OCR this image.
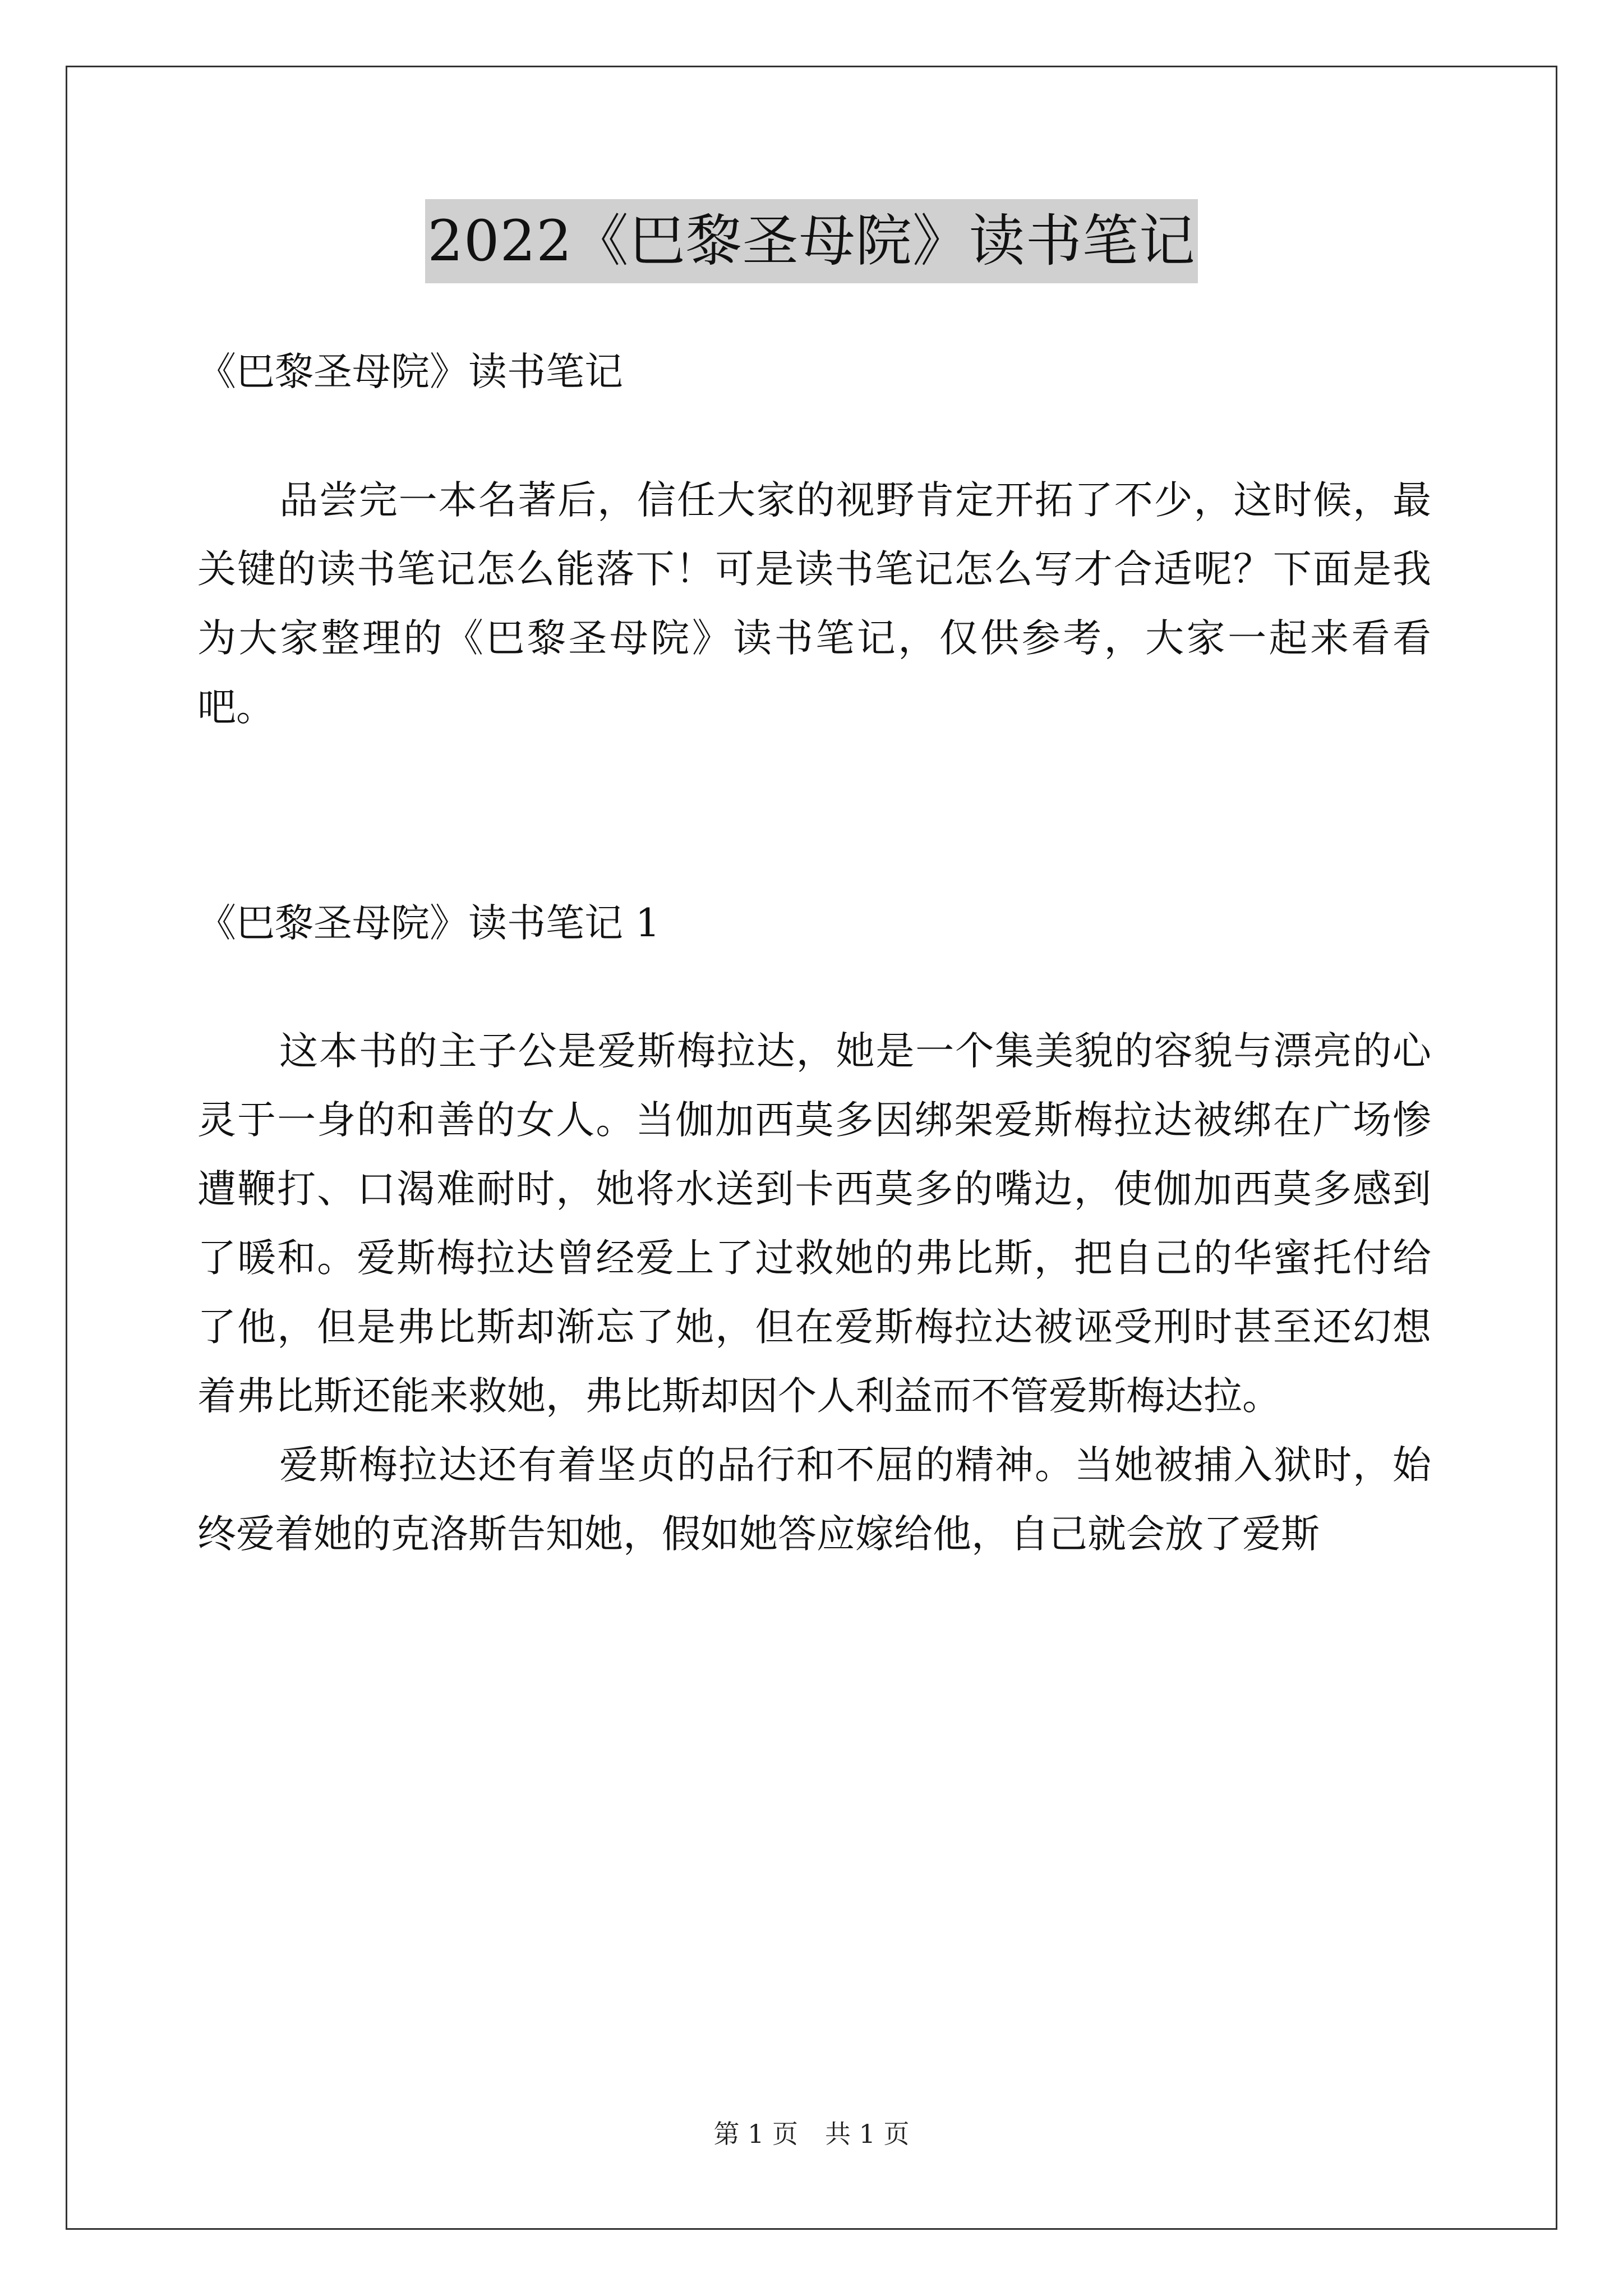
2022《巴黎圣母院》读书笔记

《巴黎圣母院》读书笔记

品尝完一本名著后，信任大家的视野肯定开拓了不少，这时候，最关键的读书笔记怎么能落下！可是读书笔记怎么写才合适呢？下面是我为大家整理的《巴黎圣母院》读书笔记，仅供参考，大家一起来看看吧。

《巴黎圣母院》读书笔记 1

这本书的主子公是爱斯梅拉达，她是一个集美貌的容貌与漂亮的心灵于一身的和善的女人。当伽加西莫多因绑架爱斯梅拉达被绑在广场惨遭鞭打、口渴难耐时，她将水送到卡西莫多的嘴边，使伽加西莫多感到了暖和。爱斯梅拉达曾经爱上了过救她的弗比斯，把自己的华蜜托付给了他，但是弗比斯却渐忘了她，但在爱斯梅拉达被诬受刑时甚至还幻想着弗比斯还能来救她，弗比斯却因个人利益而不管爱斯梅达拉。

爱斯梅拉达还有着坚贞的品行和不屈的精神。当她被捕入狱时，始终爱着她的克洛斯告知她，假如她答应嫁给他，自己就会放了爱斯

第 1 页 共 1 页
